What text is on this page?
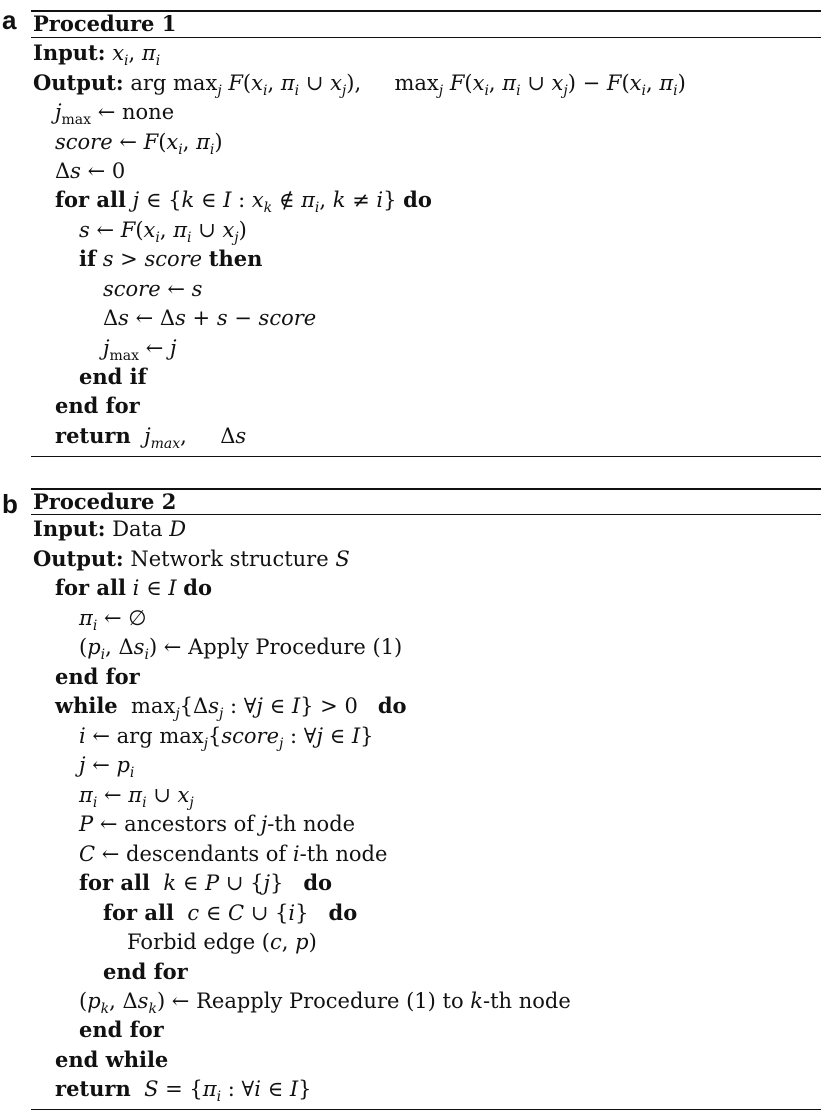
a Procedure 1
Input: $x_i$, $\pi_i$
Output: arg $\max_j F(x_i$, $\pi_i$ ∪ $x_j$),     $\max_j F(x_i$, $\pi_i$ ∪ $x_j) - F(x_i$, $\pi_i$)
$j_{max}$ ← none
score ← $F(x_i$, $\pi_i$)
Δs ← 0
for all j ∈ {k ∈ I : $x_k$ ∉ $\pi_i$, k ≠ i} do
s ← $F(x_i$, $\pi_i$ ∪ $x_j$)
if s > score then
score ← s
Δs ← Δs + s − score
$j_{max}$ ← j
end if
end for
return $j_{max}$,     Δs
b Procedure 2
Input: Data D
Output: Network structure S
for all i ∈ I do
$\pi_i$ ← ∅
($p_i$, $\Delta s_i$) ← Apply Procedure (1)
end for
while  $\max_j\{\Delta s_j$ : ∀j ∈ I} > 0   do
i ← arg $\max_j\{score_j$ : ∀j ∈ I}
j ← $p_i$
$\pi_i$ ← $\pi_i$ ∪ $x_j$
P ← ancestors of j-th node
C ← descendants of i-th node
for all k ∈ P ∪ {j}   do
for all c ∈ C ∪ {i}   do
Forbid edge (c, p)
end for
($p_k$, $\Delta s_k$) ← Reapply Procedure (1) to k-th node
end for
end while
return $S = \{\pi_i$ : ∀i ∈ I}
